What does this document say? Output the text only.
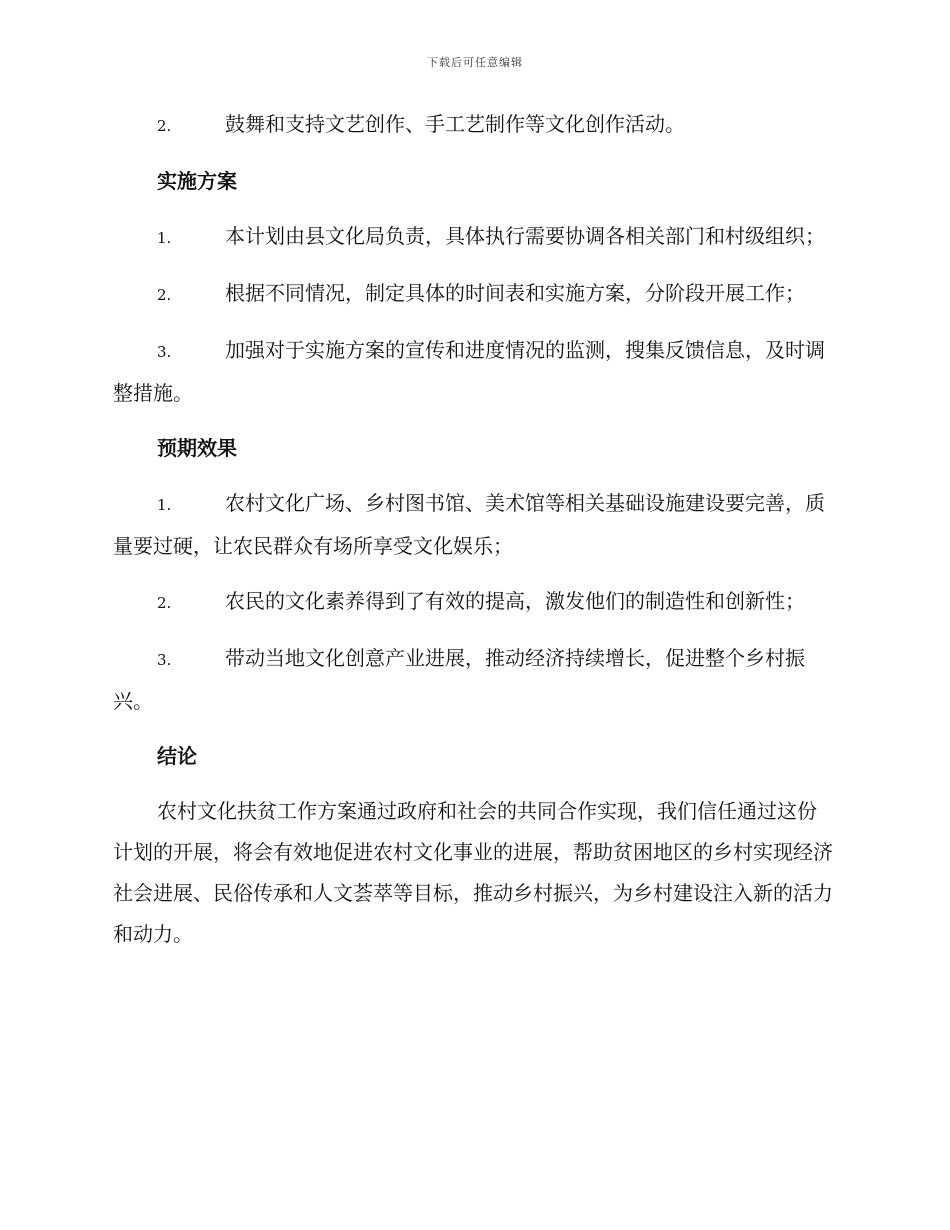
下载后可任意编辑

2.	鼓舞和支持文艺创作、手工艺制作等文化创作活动。

实施方案

1.	本计划由县文化局负责，具体执行需要协调各相关部门和村级组织；

2.	根据不同情况，制定具体的时间表和实施方案，分阶段开展工作；

3.	加强对于实施方案的宣传和进度情况的监测，搜集反馈信息，及时调整措施。

预期效果

1.	农村文化广场、乡村图书馆、美术馆等相关基础设施建设要完善，质量要过硬，让农民群众有场所享受文化娱乐；

2.	农民的文化素养得到了有效的提高，激发他们的制造性和创新性；

3.	带动当地文化创意产业进展，推动经济持续增长，促进整个乡村振兴。

结论

农村文化扶贫工作方案通过政府和社会的共同合作实现，我们信任通过这份计划的开展，将会有效地促进农村文化事业的进展，帮助贫困地区的乡村实现经济社会进展、民俗传承和人文荟萃等目标，推动乡村振兴，为乡村建设注入新的活力和动力。
